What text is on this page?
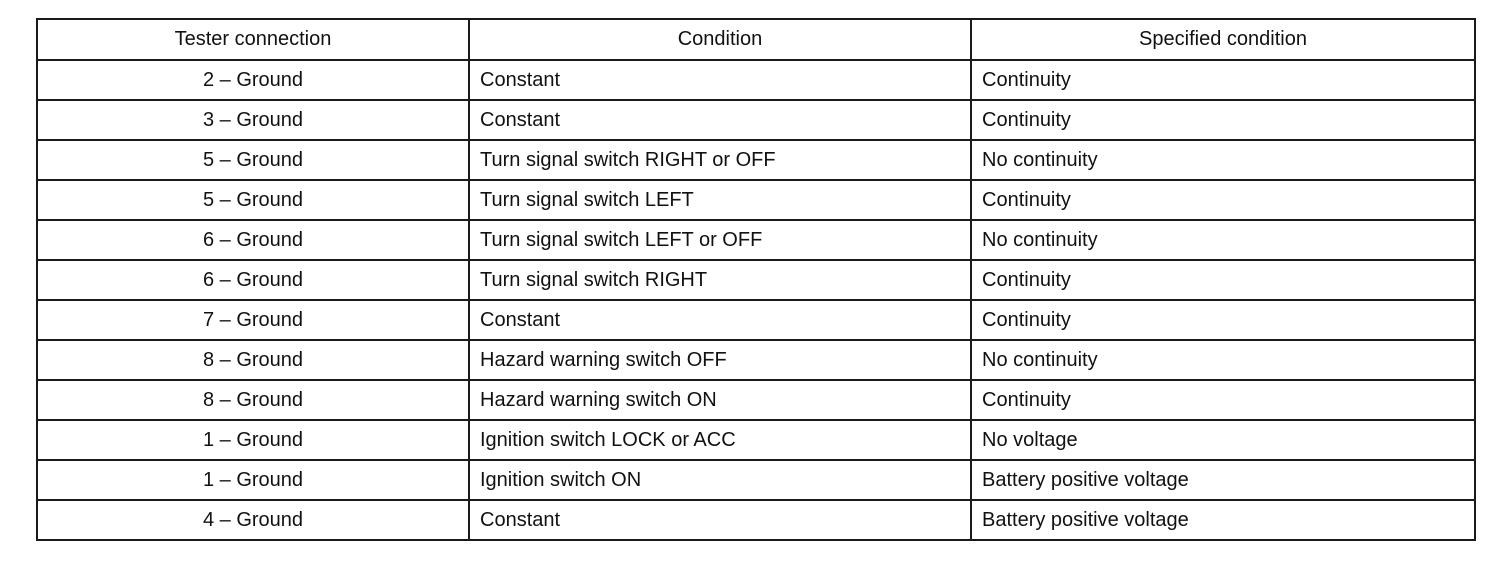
Tester connection	Condition	Specified condition
2 – Ground	Constant	Continuity
3 – Ground	Constant	Continuity
5 – Ground	Turn signal switch RIGHT or OFF	No continuity
5 – Ground	Turn signal switch LEFT	Continuity
6 – Ground	Turn signal switch LEFT or OFF	No continuity
6 – Ground	Turn signal switch RIGHT	Continuity
7 – Ground	Constant	Continuity
8 – Ground	Hazard warning switch OFF	No continuity
8 – Ground	Hazard warning switch ON	Continuity
1 – Ground	Ignition switch LOCK or ACC	No voltage
1 – Ground	Ignition switch ON	Battery positive voltage
4 – Ground	Constant	Battery positive voltage
